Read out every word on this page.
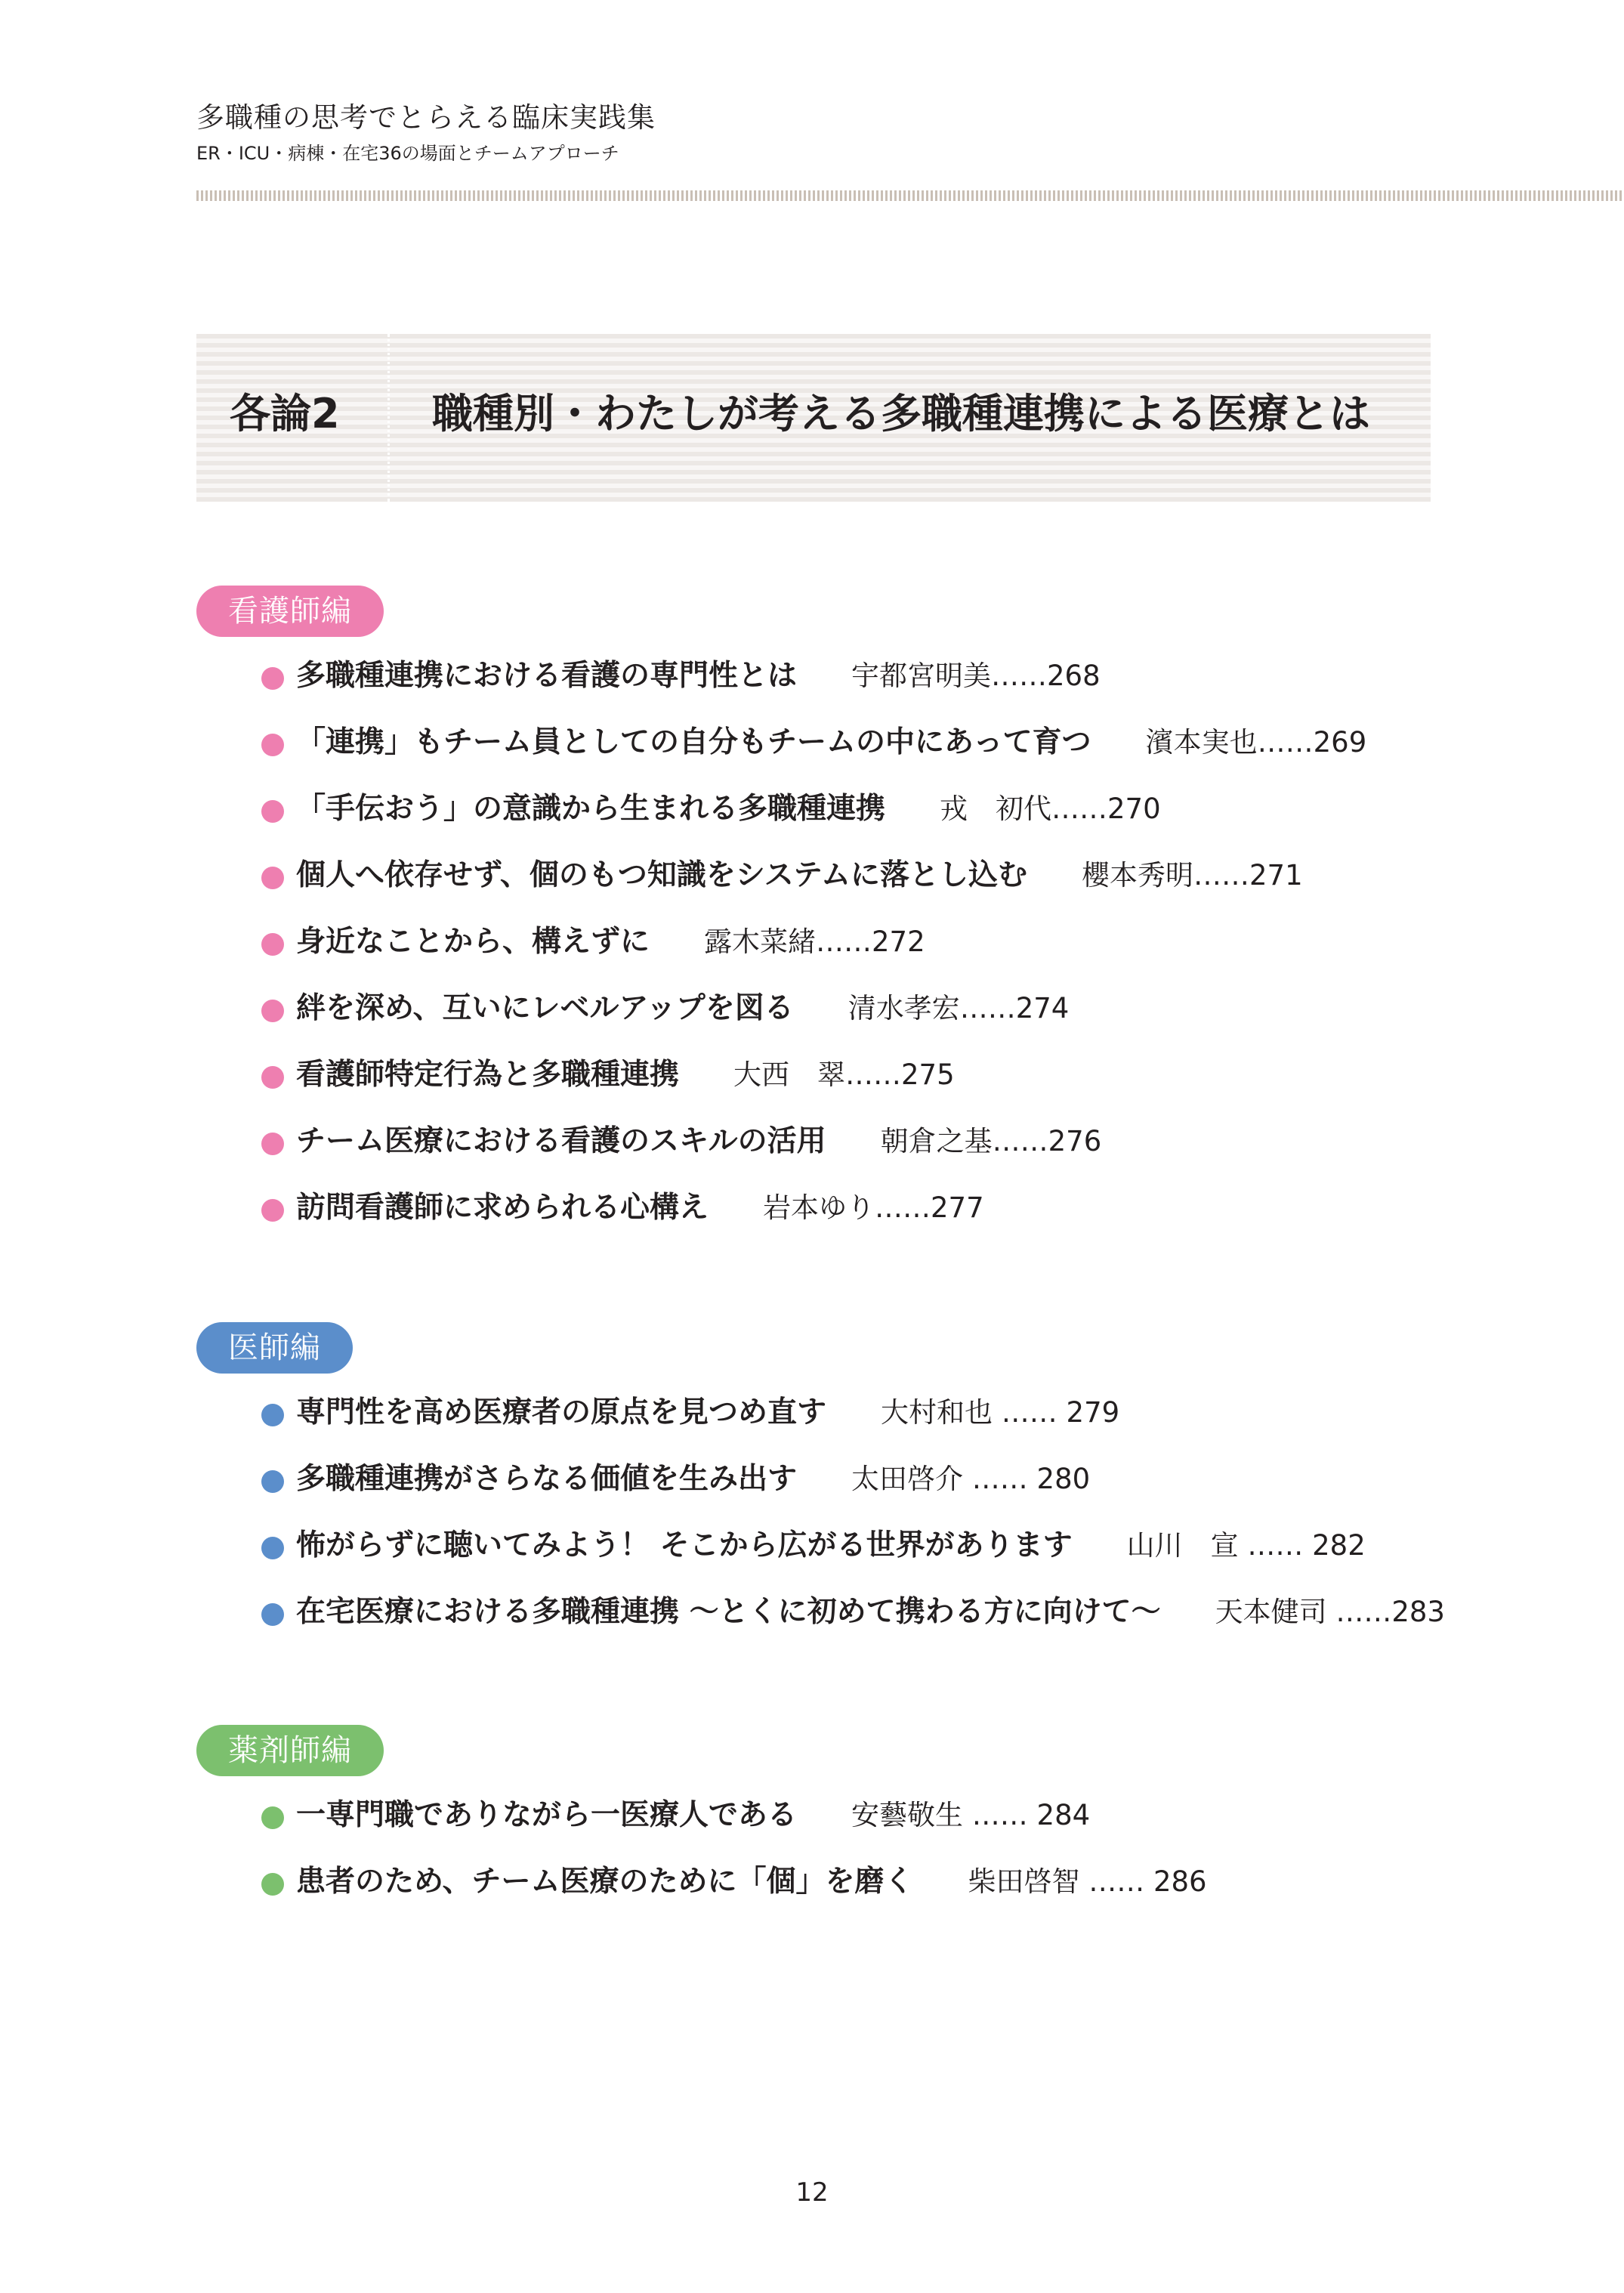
多職種の思考でとらえる臨床実践集
ER・ICU・病棟・在宅36の場面とチームアプローチ
各論2 職種別・わたしが考える多職種連携による医療とは
看護師編
多職種連携における看護の専門性とは 宇都宮明美……268
「連携」もチーム員としての自分もチームの中にあって育つ 濱本実也……269
「手伝おう」の意識から生まれる多職種連携 戎　初代……270
個人へ依存せず、個のもつ知識をシステムに落とし込む 櫻本秀明……271
身近なことから、構えずに 露木菜緒……272
絆を深め、互いにレベルアップを図る 清水孝宏……274
看護師特定行為と多職種連携 大西　翠……275
チーム医療における看護のスキルの活用 朝倉之基……276
訪問看護師に求められる心構え 岩本ゆり……277
医師編
専門性を高め医療者の原点を見つめ直す 大村和也 …… 279
多職種連携がさらなる価値を生み出す 太田啓介 …… 280
怖がらずに聴いてみよう！ そこから広がる世界があります 山川　宣 …… 282
在宅医療における多職種連携 ～とくに初めて携わる方に向けて～ 天本健司 ……283
薬剤師編
一専門職でありながら一医療人である 安藝敬生 …… 284
患者のため、チーム医療のために「個」を磨く 柴田啓智 …… 286
12
